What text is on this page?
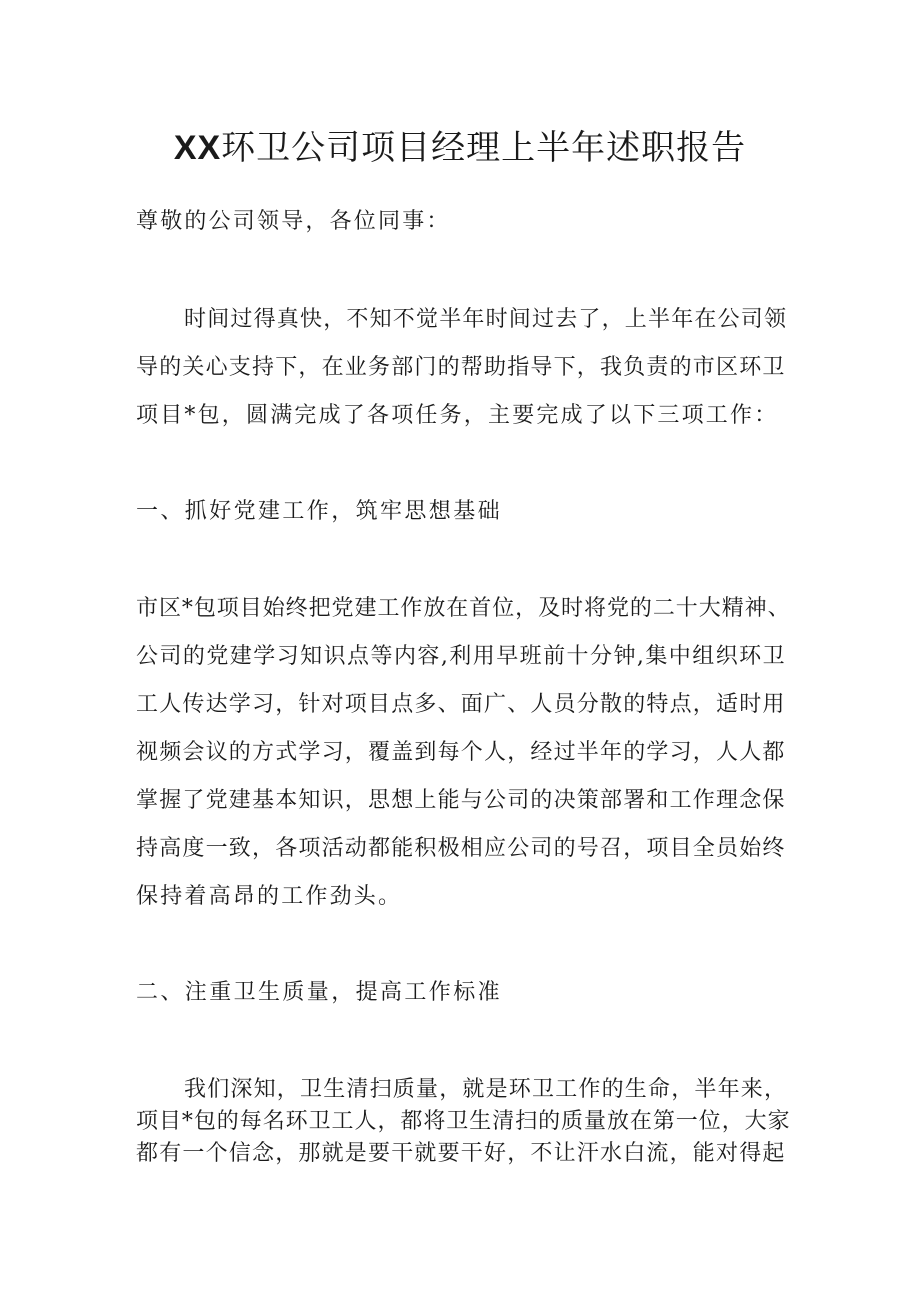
XX环卫公司项目经理上半年述职报告

尊敬的公司领导，各位同事：

时间过得真快，不知不觉半年时间过去了，上半年在公司领

导的关心支持下，在业务部门的帮助指导下，我负责的市区环卫

项目*包，圆满完成了各项任务，主要完成了以下三项工作：

一、抓好党建工作，筑牢思想基础

市区*包项目始终把党建工作放在首位，及时将党的二十大精神、

公司的党建学习知识点等内容,利用早班前十分钟,集中组织环卫

工人传达学习，针对项目点多、面广、人员分散的特点，适时用

视频会议的方式学习，覆盖到每个人，经过半年的学习，人人都

掌握了党建基本知识，思想上能与公司的决策部署和工作理念保

持高度一致，各项活动都能积极相应公司的号召，项目全员始终

保持着高昂的工作劲头。

二、注重卫生质量，提高工作标准

我们深知，卫生清扫质量，就是环卫工作的生命，半年来，

项目*包的每名环卫工人，都将卫生清扫的质量放在第一位，大家

都有一个信念，那就是要干就要干好，不让汗水白流，能对得起
